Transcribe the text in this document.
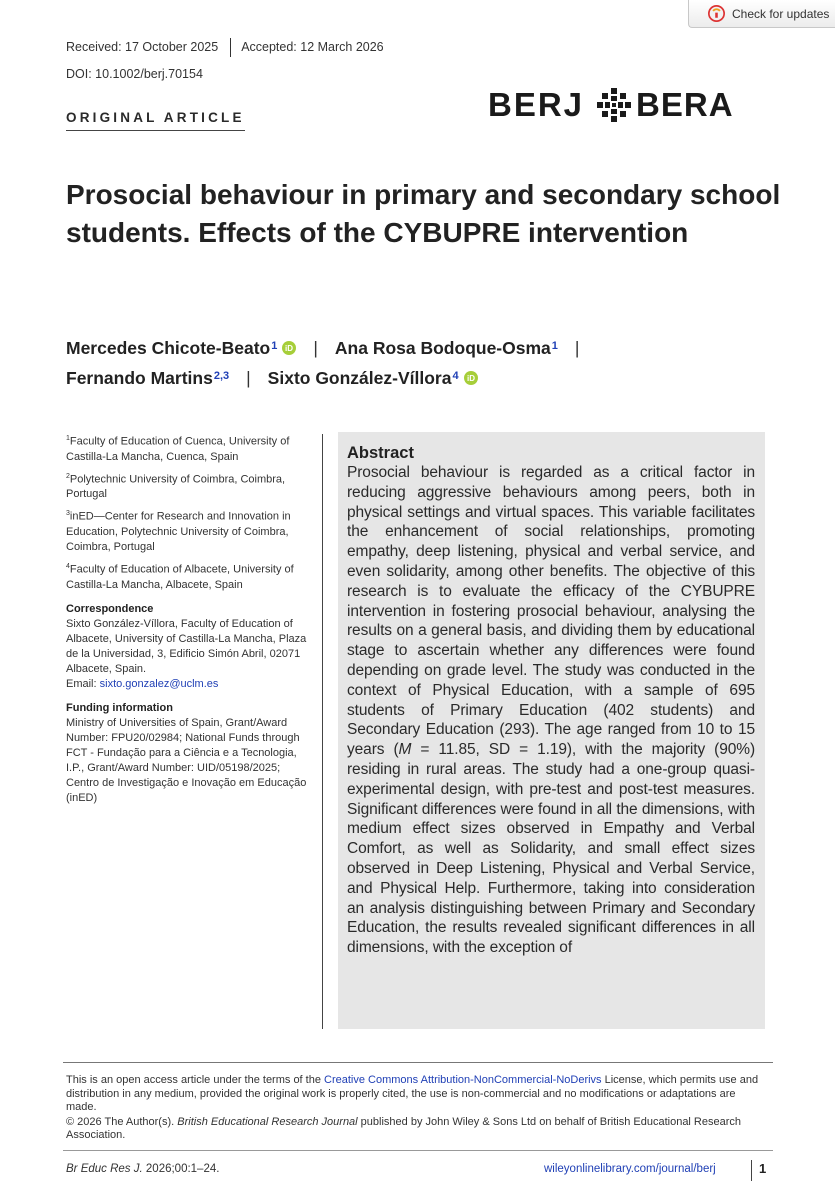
Check for updates
Received: 17 October 2025 Accepted: 12 March 2026
DOI: 10.1002/berj.70154
BERJ BERA
ORIGINAL ARTICLE
Prosocial behaviour in primary and secondary school students. Effects of the CYBUPRE intervention
Mercedes Chicote-Beato$^1$ iD | Ana Rosa Bodoque-Osma$^1$ |
Fernando Martins$^{2,3}$ | Sixto González-Víllora$^4$ iD
$^1$Faculty of Education of Cuenca, University of Castilla-La Mancha, Cuenca, Spain
$^2$Polytechnic University of Coimbra, Coimbra, Portugal
$^3$inED—Center for Research and Innovation in Education, Polytechnic University of Coimbra, Coimbra, Portugal
$^4$Faculty of Education of Albacete, University of Castilla-La Mancha, Albacete, Spain
Correspondence
Sixto González-Víllora, Faculty of Education of Albacete, University of Castilla-La Mancha, Plaza de la Universidad, 3, Edificio Simón Abril, 02071 Albacete, Spain.
Email: sixto.gonzalez@uclm.es
Funding information
Ministry of Universities of Spain, Grant/Award Number: FPU20/02984; National Funds through FCT - Fundação para a Ciência e a Tecnologia, I.P., Grant/Award Number: UID/05198/2025; Centro de Investigação e Inovação em Educação (inED)
Abstract

Prosocial behaviour is regarded as a critical factor in reducing aggressive behaviours among peers, both in physical settings and virtual spaces. This variable facilitates the enhancement of social relationships, promoting empathy, deep listening, physical and verbal service, and even solidarity, among other benefits. The objective of this research is to evaluate the efficacy of the CYBUPRE intervention in fostering prosocial behaviour, analysing the results on a general basis, and dividing them by educational stage to ascertain whether any differences were found depending on grade level. The study was conducted in the context of Physical Education, with a sample of 695 students of Primary Education (402 students) and Secondary Education (293). The age ranged from 10 to 15 years (M = 11.85, SD = 1.19), with the majority (90%) residing in rural areas. The study had a one-group quasi-experimental design, with pre-test and post-test measures. Significant differences were found in all the dimensions, with medium effect sizes observed in Empathy and Verbal Comfort, as well as Solidarity, and small effect sizes observed in Deep Listening, Physical and Verbal Service, and Physical Help. Furthermore, taking into consideration an analysis distinguishing between Primary and Secondary Education, the results revealed significant differences in all dimensions, with the exception of

This is an open access article under the terms of the Creative Commons Attribution-NonCommercial-NoDerivs License, which permits use and distribution in any medium, provided the original work is properly cited, the use is non-commercial and no modifications or adaptations are made.
© 2026 The Author(s). British Educational Research Journal published by John Wiley & Sons Ltd on behalf of British Educational Research Association.
Br Educ Res J. 2026;00:1–24.	wileyonlinelibrary.com/journal/berj	1
